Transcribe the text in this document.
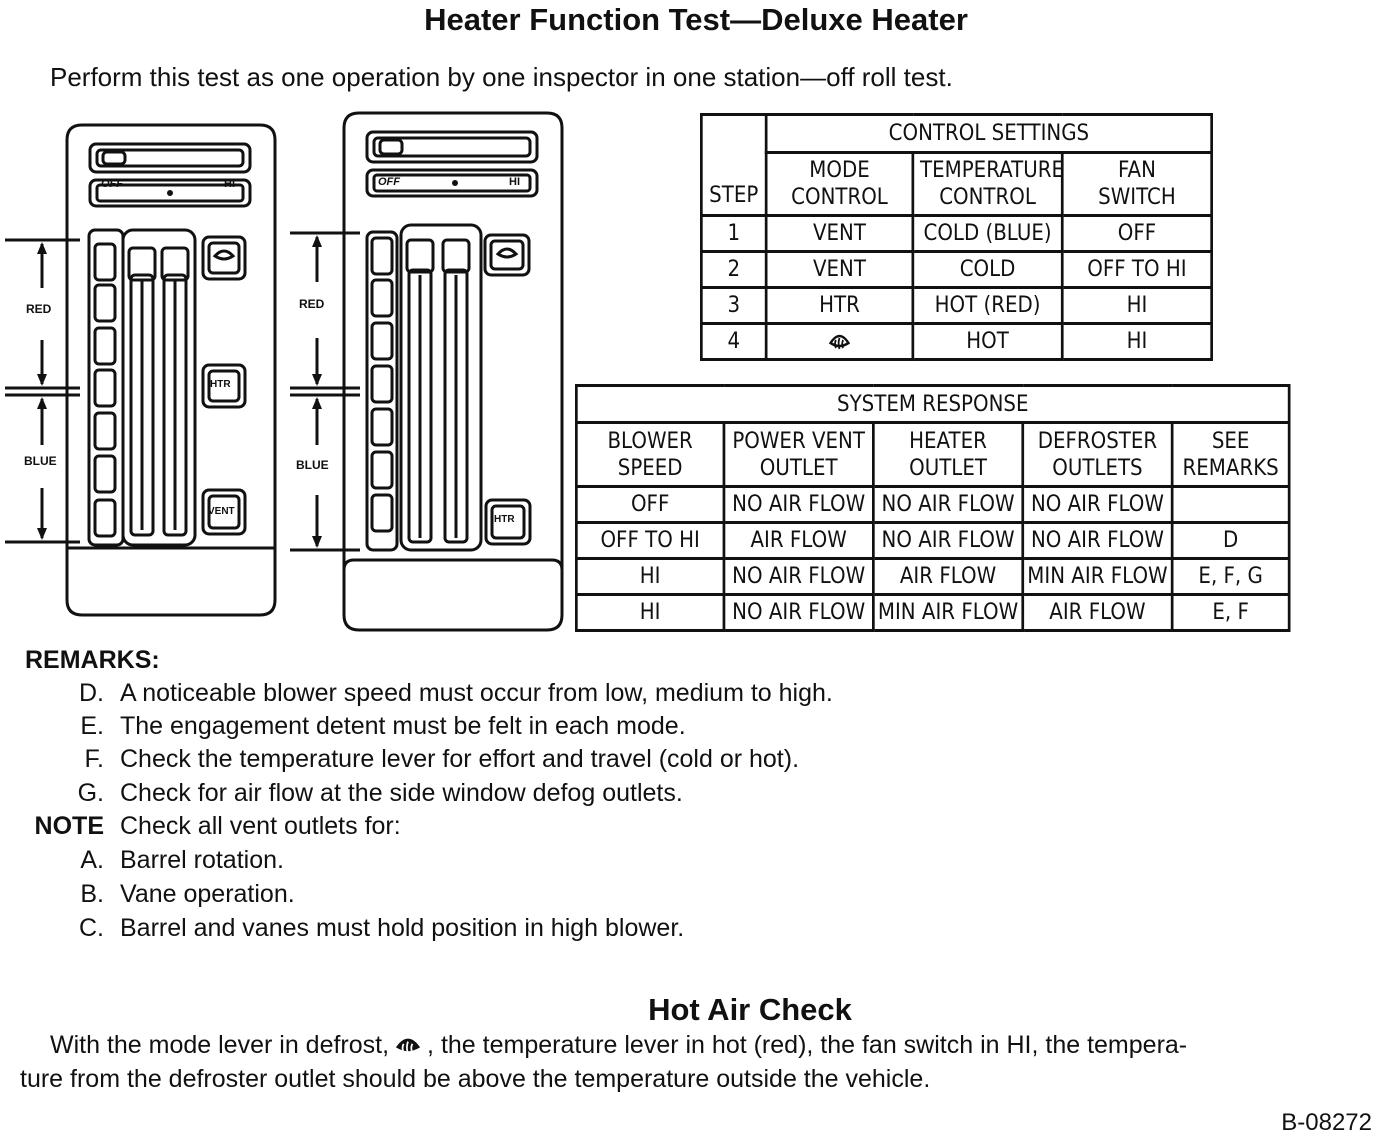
Heater Function Test—Deluxe Heater
Perform this test as one operation by one inspector in one station—off roll test.
OFF	HI
RED
BLUE
HTR
VENT
OFF	HI
RED
BLUE
HTR
STEP	CONTROL SETTINGS		

	MODE CONTROL	TEMPERATURE CONTROL	FAN SWITCH

1	VENT	COLD (BLUE)	OFF
2	VENT	COLD	OFF TO HI
3	HTR	HOT (RED)	HI
4		HOT	HI
SYSTEM RESPONSE				

BLOWER SPEED	POWER VENT OUTLET	HEATER OUTLET	DEFROSTER OUTLETS	SEE REMARKS

OFF	NO AIR FLOW	NO AIR FLOW	NO AIR FLOW	
OFF TO HI	AIR FLOW	NO AIR FLOW	NO AIR FLOW	D
HI	NO AIR FLOW	AIR FLOW	MIN AIR FLOW	E, F, G
HI	NO AIR FLOW	MIN AIR FLOW	AIR FLOW	E, F
REMARKS:
D. A noticeable blower speed must occur from low, medium to high.
E. The engagement detent must be felt in each mode.
F. Check the temperature lever for effort and travel (cold or hot).
G. Check for air flow at the side window defog outlets.
NOTE Check all vent outlets for:
A. Barrel rotation.
B. Vane operation.
C. Barrel and vanes must hold position in high blower.
Hot Air Check
With the mode lever in defrost, , the temperature lever in hot (red), the fan switch in HI, the tempera-
ture from the defroster outlet should be above the temperature outside the vehicle.
B-08272
